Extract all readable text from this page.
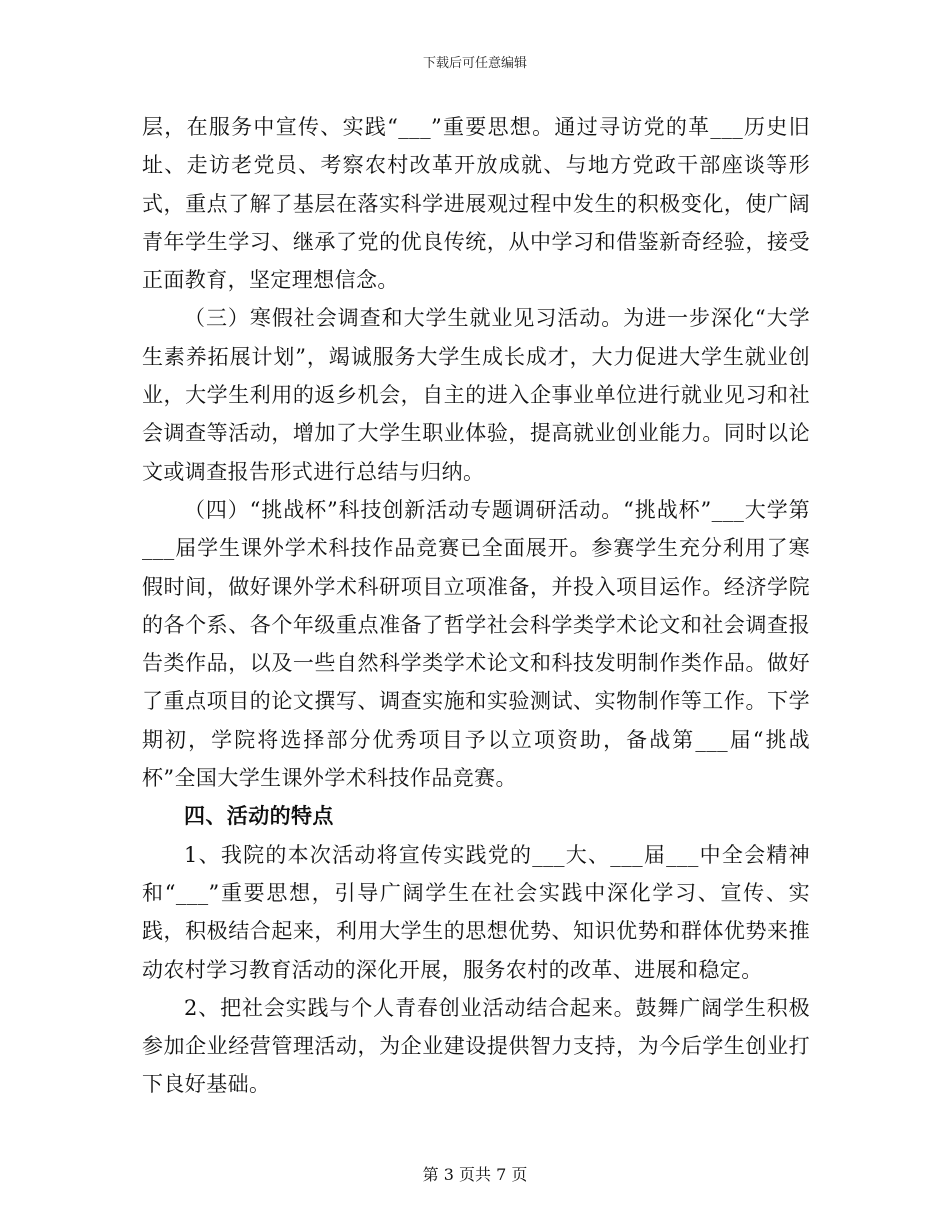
下载后可任意编辑

层，在服务中宣传、实践“___”重要思想。通过寻访党的革___历史旧址、走访老党员、考察农村改革开放成就、与地方党政干部座谈等形式，重点了解了基层在落实科学进展观过程中发生的积极变化，使广阔青年学生学习、继承了党的优良传统，从中学习和借鉴新奇经验，接受正面教育，坚定理想信念。

（三）寒假社会调查和大学生就业见习活动。为进一步深化“大学生素养拓展计划”，竭诚服务大学生成长成才，大力促进大学生就业创业，大学生利用的返乡机会，自主的进入企事业单位进行就业见习和社会调查等活动，增加了大学生职业体验，提高就业创业能力。同时以论文或调查报告形式进行总结与归纳。

（四）“挑战杯”科技创新活动专题调研活动。“挑战杯”___大学第___届学生课外学术科技作品竞赛已全面展开。参赛学生充分利用了寒假时间，做好课外学术科研项目立项准备，并投入项目运作。经济学院的各个系、各个年级重点准备了哲学社会科学类学术论文和社会调查报告类作品，以及一些自然科学类学术论文和科技发明制作类作品。做好了重点项目的论文撰写、调查实施和实验测试、实物制作等工作。下学期初，学院将选择部分优秀项目予以立项资助，备战第___届“挑战杯”全国大学生课外学术科技作品竞赛。

四、活动的特点

1、我院的本次活动将宣传实践党的___大、___届___中全会精神和“___”重要思想，引导广阔学生在社会实践中深化学习、宣传、实践，积极结合起来，利用大学生的思想优势、知识优势和群体优势来推动农村学习教育活动的深化开展，服务农村的改革、进展和稳定。

2、把社会实践与个人青春创业活动结合起来。鼓舞广阔学生积极参加企业经营管理活动，为企业建设提供智力支持，为今后学生创业打下良好基础。

第 3 页共 7 页
